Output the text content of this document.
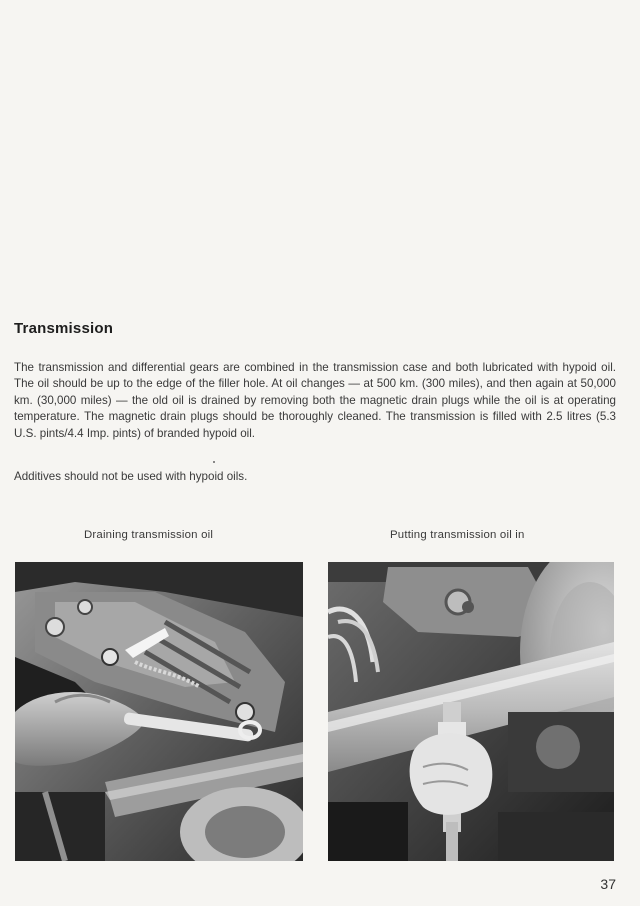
Transmission

The transmission and differential gears are combined in the transmission case and both lubricated with hypoid oil. The oil should be up to the edge of the filler hole. At oil changes — at 500 km. (300 miles), and then again at 50,000 km. (30,000 miles) — the old oil is drained by removing both the magnetic drain plugs while the oil is at operating temperature. The magnetic drain plugs should be thoroughly cleaned. The transmission is filled with 2.5 litres (5.3 U.S. pints/4.4 Imp. pints) of branded hypoid oil.

Additives should not be used with hypoid oils.

Draining transmission oil	Putting transmission oil in
37
